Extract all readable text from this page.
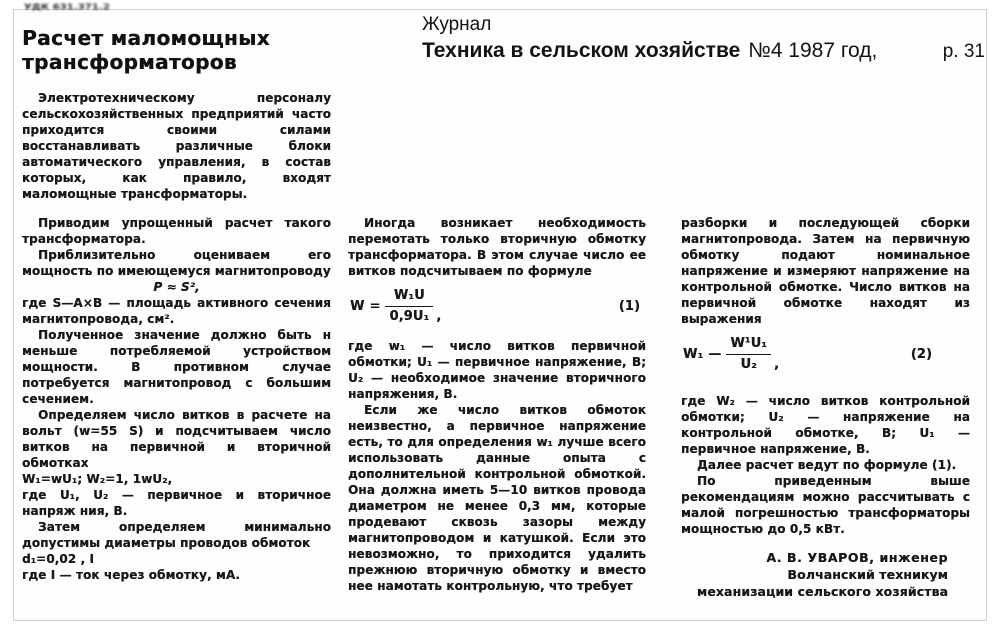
УДК 631.371.2
Журнал
Техника в сельском хозяйстве №4 1987 год,	р. 31
Расчет маломощных
трансформаторов

Электротехническому персоналу сельскохозяйственных предприятий часто приходится своими силами восстанавливать различные блоки автоматического управления, в состав которых, как правило, входят маломощные трансформаторы.

Приводим упрощенный расчет такого трансформатора.

Приблизительно оцениваем его мощность по имеющемуся магнитопроводу

P ≈ S²,

где S—A×B — площадь активного сечения магнитопровода, см².

Полученное значение должно быть н меньше потребляемой устройством мощности. В противном случае потребуется магнитопровод с большим сечением.

Определяем число витков в расчете на вольт (w=55 S) и подсчитываем число витков на первичной и вторичной обмотках

W₁=wU₁; W₂=1, 1wU₂,

где U₁, U₂ — первичное и вторичное напряж ния, В.

Затем определяем минимально допустимы диаметры проводов обмоток

d₁=0,02 , I

где I — ток через обмотку, мА.

Иногда возникает необходимость перемотать только вторичную обмотку трансформатора. В этом случае число ее витков подсчитываем по формуле

$W = \frac{\text{W₁U}}{\text{0,9U₁}}$ ,
(1)

где w₁ — число витков первичной обмотки; U₁ — первичное напряжение, В; U₂ — необходимое значение вторичного напряжения, В.

Если же число витков обмоток неизвестно, а первичное напряжение есть, то для определения w₁ лучше всего использовать данные опыта с дополнительной контрольной обмоткой. Она должна иметь 5—10 витков провода диаметром не менее 0,3 мм, которые продевают сквозь зазоры между магнитопроводом и катушкой. Если это невозможно, то приходится удалить прежнюю вторичную обмотку и вместо нее намотать контрольную, что требует

разборки и последующей сборки магнитопровода. Затем на первичную обмотку подают номинальное напряжение и измеряют напряжение на контрольной обмотке. Число витков на первичной обмотке находят из выражения

W₁ — $\frac{\text{W¹U₁}}{\text{U₂}}$ ,
(2)

где W₂ — число витков контрольной обмотки; U₂ — напряжение на контрольной обмотке, В; U₁ — первичное напряжение, В.

Далее расчет ведут по формуле (1).

По приведенным выше рекомендациям можно рассчитывать с малой погрешностью трансформаторы мощностью до 0,5 кВт.

А. В. УВАРОВ, инженер
Волчанский техникум
механизации сельского хозяйства
